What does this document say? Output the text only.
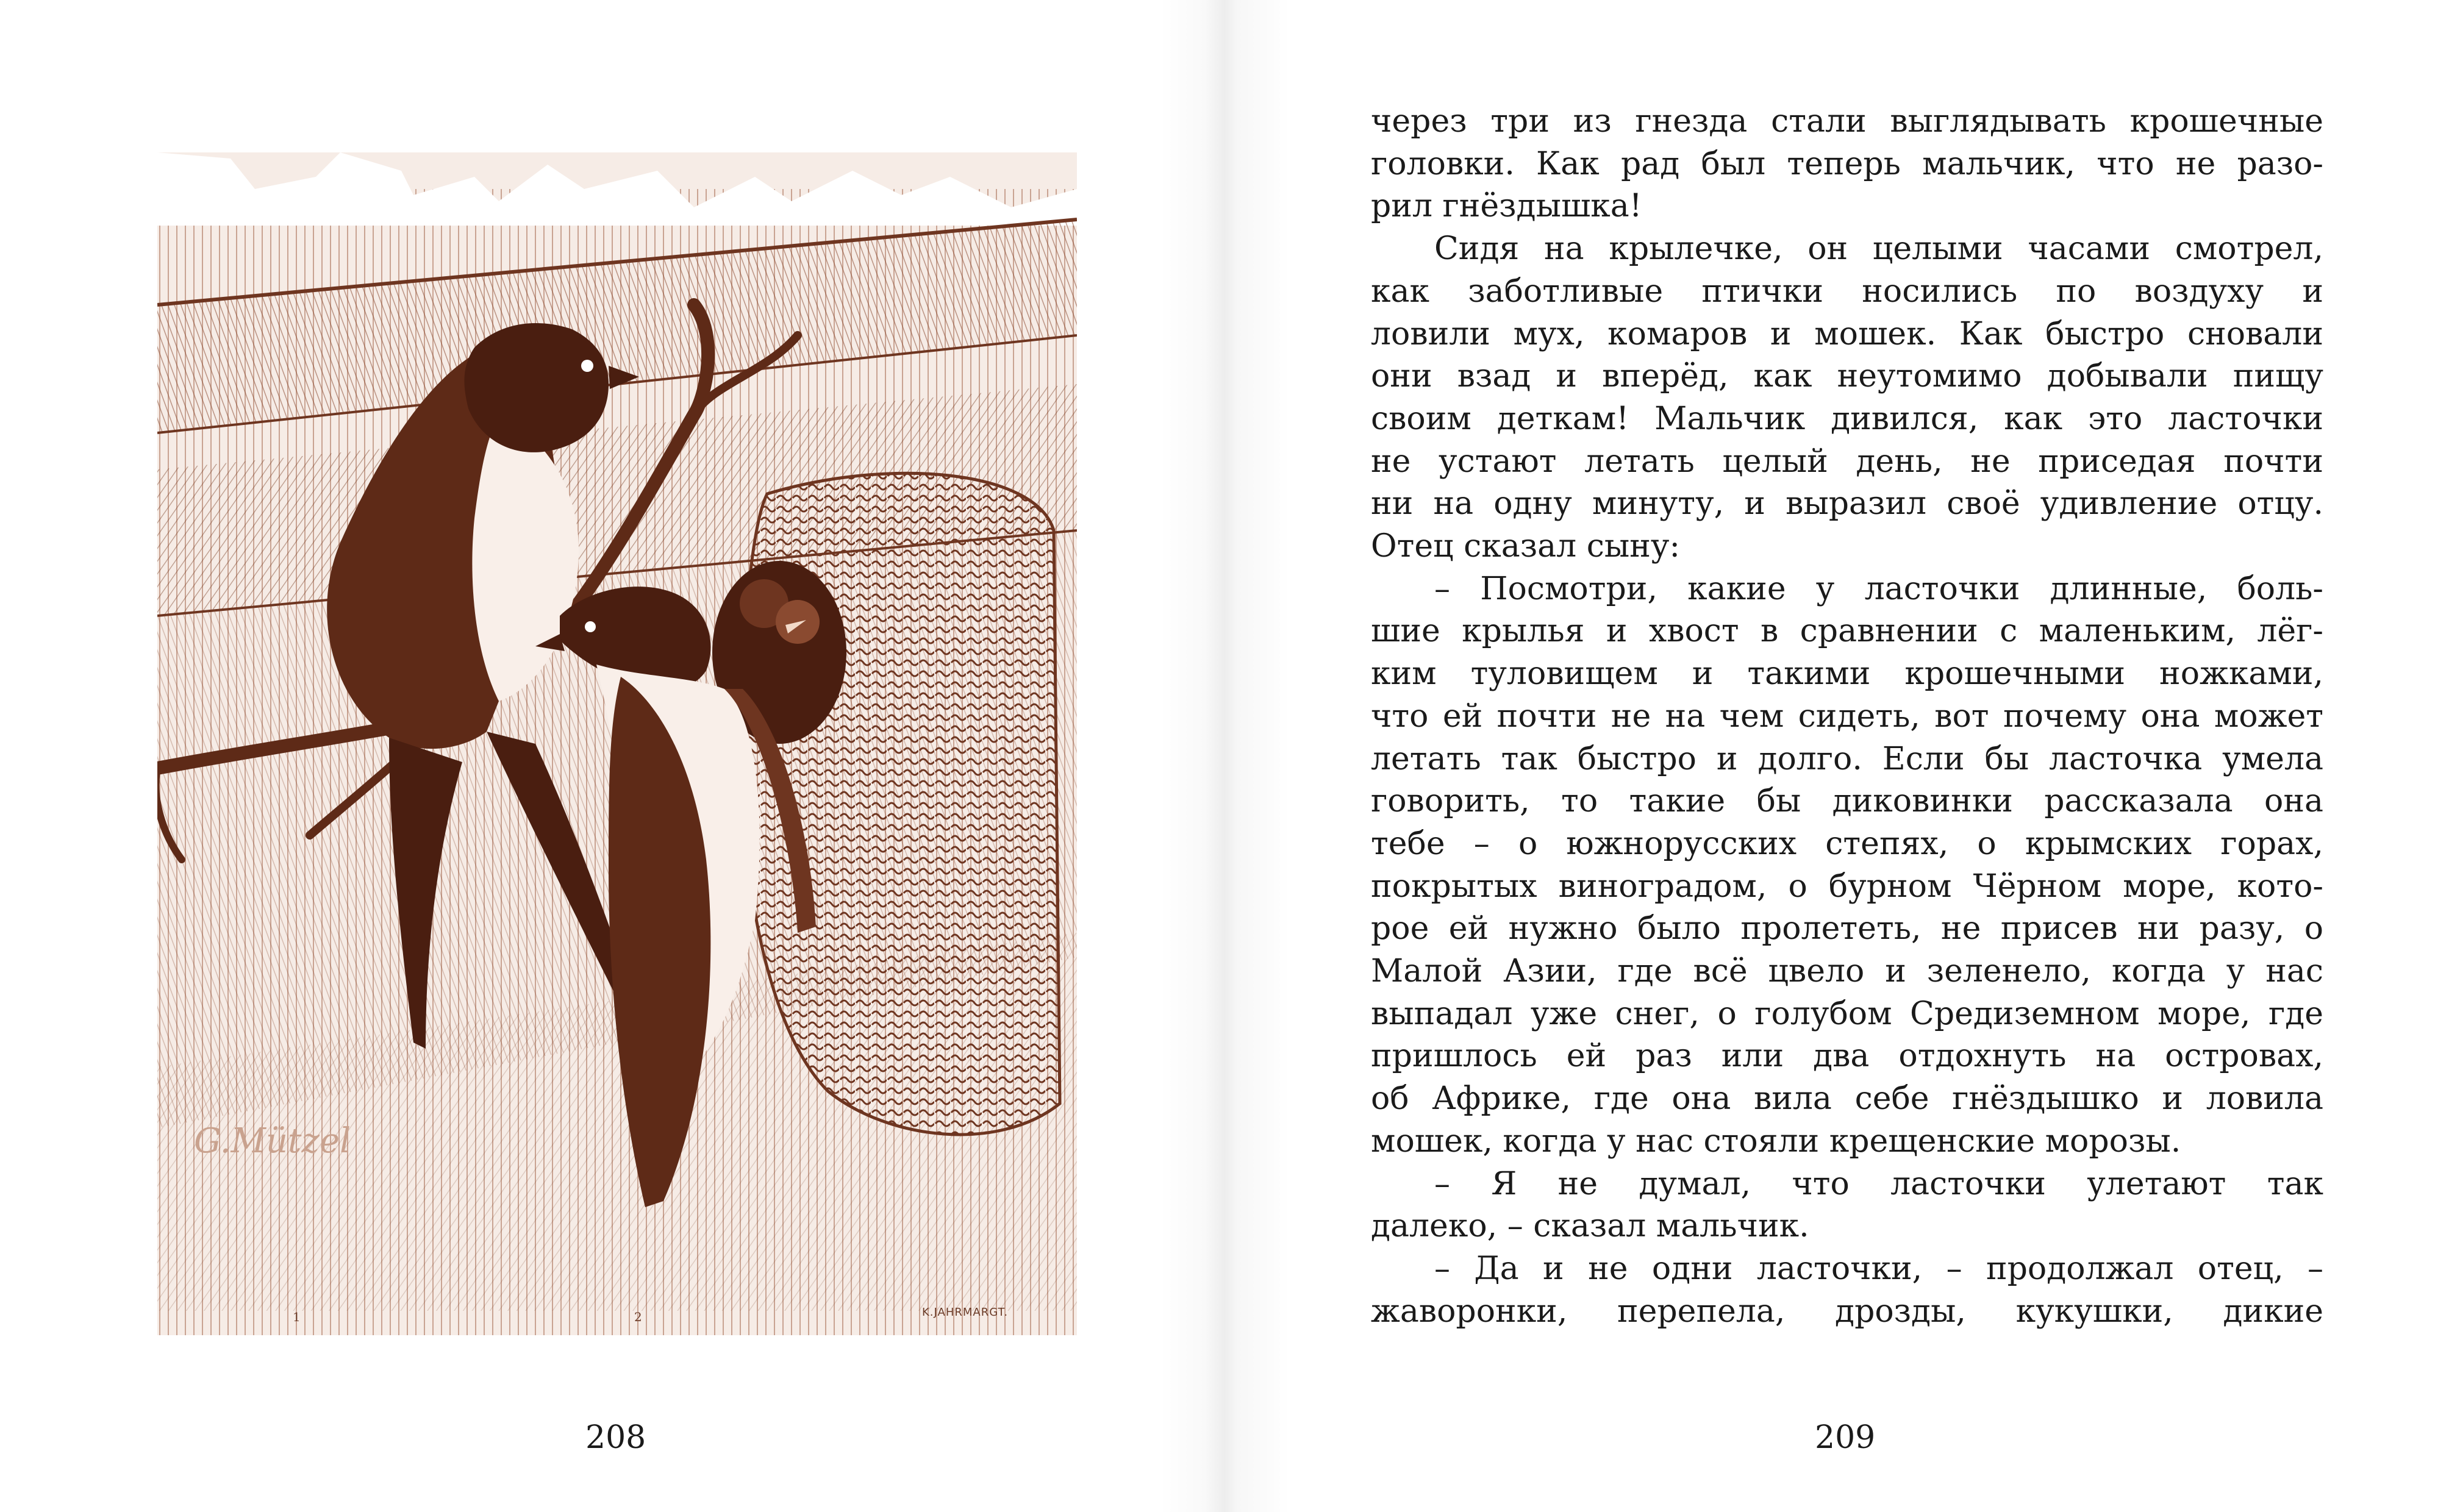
G.Mützel
1	2	K.JAHRMARGT.
208	209
через три из гнезда стали выглядывать крошечные
головки. Как рад был теперь мальчик, что не разо-
рил гнёздышка!
Сидя на крылечке, он целыми часами смотрел,
как заботливые птички носились по воздуху и
ловили мух, комаров и мошек. Как быстро сновали
они взад и вперёд, как неутомимо добывали пищу
своим деткам! Мальчик дивился, как это ласточки
не устают летать целый день, не приседая почти
ни на одну минуту, и выразил своё удивление отцу.
Отец сказал сыну:
– Посмотри, какие у ласточки длинные, боль-
шие крылья и хвост в сравнении с маленьким, лёг-
ким туловищем и такими крошечными ножками,
что ей почти не на чем сидеть, вот почему она может
летать так быстро и долго. Если бы ласточка умела
говорить, то такие бы диковинки рассказала она
тебе – о южнорусских степях, о крымских горах,
покрытых виноградом, о бурном Чёрном море, кото-
рое ей нужно было пролететь, не присев ни разу, о
Малой Азии, где всё цвело и зеленело, когда у нас
выпадал уже снег, о голубом Средиземном море, где
пришлось ей раз или два отдохнуть на островах,
об Африке, где она вила себе гнёздышко и ловила
мошек, когда у нас стояли крещенские морозы.
– Я не думал, что ласточки улетают так
далеко, – сказал мальчик.
– Да и не одни ласточки, – продолжал отец, –
жаворонки, перепела, дрозды, кукушки, дикие
